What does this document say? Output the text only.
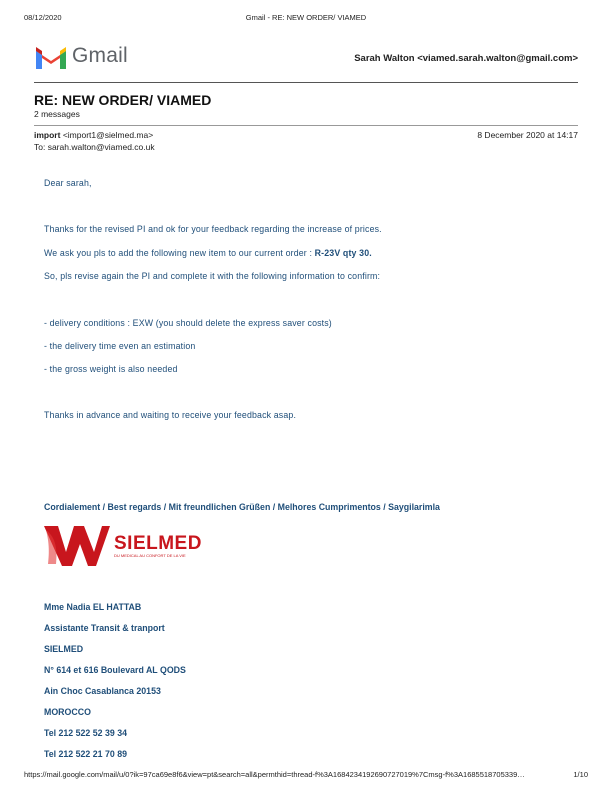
08/12/2020	Gmail - RE: NEW ORDER/ VIAMED
Gmail	Sarah Walton <viamed.sarah.walton@gmail.com>
RE: NEW ORDER/ VIAMED
2 messages
import <import1@sielmed.ma>	8 December 2020 at 14:17
To: sarah.walton@viamed.co.uk
Dear sarah,
Thanks for the revised PI and ok for your feedback regarding the increase of prices.
We ask you pls to add the following new item to our current order : R-23V qty 30.
So, pls revise again the PI and complete it with the following information to confirm:
- delivery conditions : EXW (you should delete the express saver costs)
- the delivery time even an estimation
- the gross weight is also needed
Thanks in advance and waiting to receive your feedback asap.
Cordialement / Best regards / Mit freundlichen Grüßen / Melhores Cumprimentos / Saygilarimla
SIELMED
DU MEDICAL AU CONFORT DE LA VIE
Mme Nadia EL HATTAB
Assistante Transit & tranport
SIELMED
N° 614 et 616 Boulevard AL QODS
Ain Choc Casablanca 20153
MOROCCO
Tel 212 522 52 39 34
Tel 212 522 21 70 89
https://mail.google.com/mail/u/0?ik=97ca69e8f6&view=pt&search=all&permthid=thread-f%3A1684234192690727019%7Cmsg-f%3A1685518705339…	1/10
